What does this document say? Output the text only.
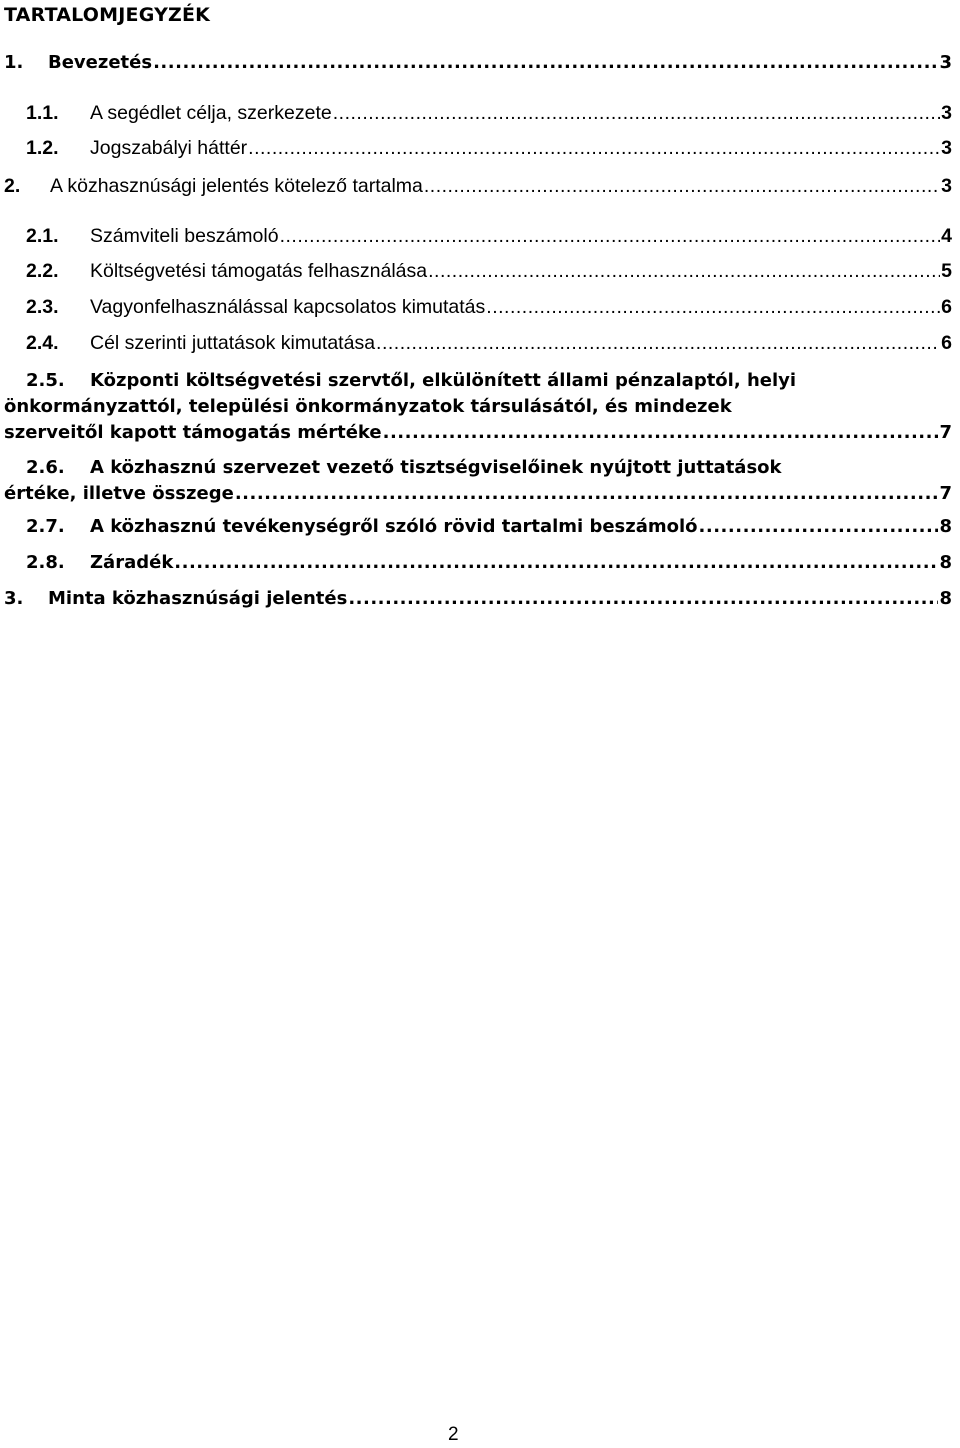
TARTALOMJEGYZÉK
1.	Bevezetés .....	3
1.1.	A segédlet célja, szerkezete .....	3
1.2.	Jogszabályi háttér .....	3
2.	A közhasznúsági jelentés kötelező tartalma .....	3
2.1.	Számviteli beszámoló .....	4
2.2.	Költségvetési támogatás felhasználása .....	5
2.3.	Vagyonfelhasználással kapcsolatos kimutatás .....	6
2.4.	Cél szerinti juttatások kimutatása .....	6
2.5. Központi költségvetési szervtől, elkülönített állami pénzalaptól, helyi
önkormányzattól, települési önkormányzatok társulásától, és mindezek
szerveitől kapott támogatás mértéke .....	7
2.6. A közhasznú szervezet vezető tisztségviselőinek nyújtott juttatások
értéke, illetve összege .....	7
2.7.	A közhasznú tevékenységről szóló rövid tartalmi beszámoló .....	8
2.8.	Záradék .....	8
3.	Minta közhasznúsági jelentés .....	8
2
